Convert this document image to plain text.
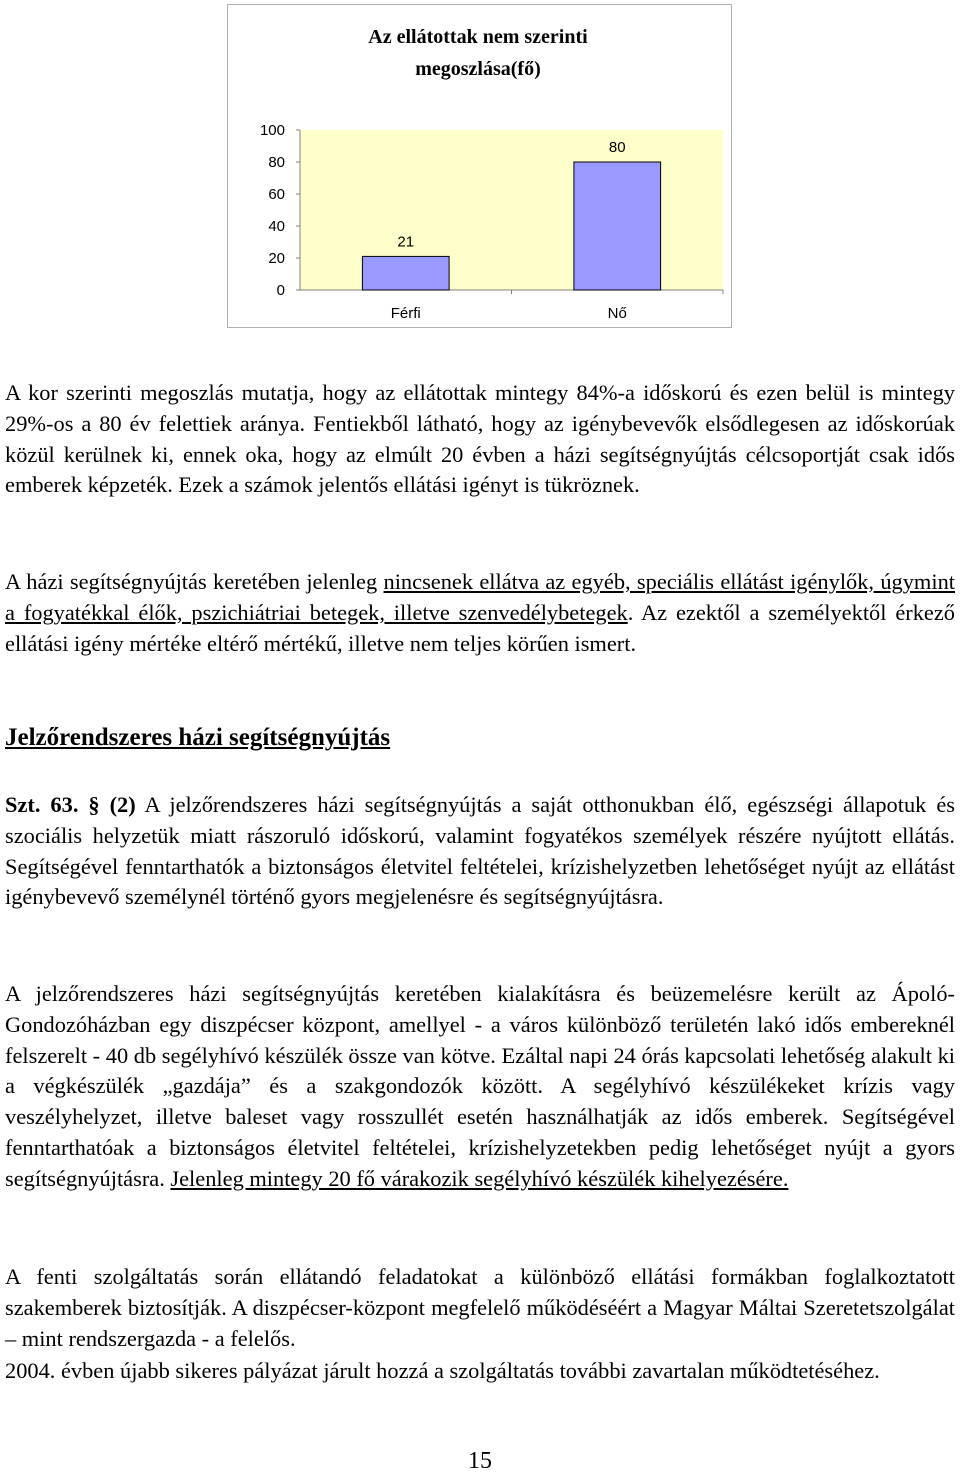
Az ellátottak nem szerinti
megoszlása(fő)
0
20
40
60
80
100
21
Férfi
80
Nő

A kor szerinti megoszlás mutatja, hogy az ellátottak mintegy 84%-a időskorú és ezen belül is mintegy 29%-os a 80 év felettiek aránya. Fentiekből látható, hogy az igénybevevők elsődlegesen az időskorúak közül kerülnek ki, ennek oka, hogy az elmúlt 20 évben a házi segítségnyújtás célcsoportját csak idős emberek képzeték. Ezek a számok jelentős ellátási igényt is tükröznek.

A házi segítségnyújtás keretében jelenleg nincsenek ellátva az egyéb, speciális ellátást igénylők, úgymint a fogyatékkal élők, pszichiátriai betegek, illetve szenvedélybetegek. Az ezektől a személyektől érkező ellátási igény mértéke eltérő mértékű, illetve nem teljes körűen ismert.

Jelzőrendszeres házi segítségnyújtás

Szt. 63. § (2) A jelzőrendszeres házi segítségnyújtás a saját otthonukban élő, egészségi állapotuk és szociális helyzetük miatt rászoruló időskorú, valamint fogyatékos személyek részére nyújtott ellátás. Segítségével fenntarthatók a biztonságos életvitel feltételei, krízishelyzetben lehetőséget nyújt az ellátást igénybevevő személynél történő gyors megjelenésre és segítségnyújtásra.

A jelzőrendszeres házi segítségnyújtás keretében kialakításra és beüzemelésre került az Ápoló- Gondozóházban egy diszpécser központ, amellyel - a város különböző területén lakó idős embereknél felszerelt - 40 db segélyhívó készülék össze van kötve. Ezáltal napi 24 órás kapcsolati lehetőség alakult ki a végkészülék „gazdája” és a szakgondozók között. A segélyhívó készülékeket krízis vagy veszélyhelyzet, illetve baleset vagy rosszullét esetén használhatják az idős emberek. Segítségével fenntarthatóak a biztonságos életvitel feltételei, krízishelyzetekben pedig lehetőséget nyújt a gyors segítségnyújtásra. Jelenleg mintegy 20 fő várakozik segélyhívó készülék kihelyezésére.

A fenti szolgáltatás során ellátandó feladatokat a különböző ellátási formákban foglalkoztatott szakemberek biztosítják. A diszpécser-központ megfelelő működéséért a Magyar Máltai Szeretetszolgálat – mint rendszergazda - a felelős.

2004. évben újabb sikeres pályázat járult hozzá a szolgáltatás további zavartalan működtetéséhez.

15
